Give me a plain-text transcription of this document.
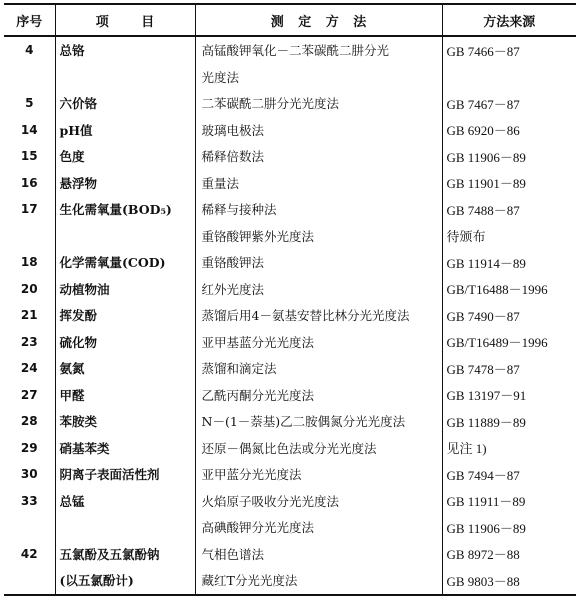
序号	项 目	测 定 方 法	方法来源
4	总铬	高锰酸钾氧化－二苯碳酰二肼分光	GB 7466－87
		光度法	
5	六价铬	二苯碳酰二肼分光光度法	GB 7467－87
14	pH值	玻璃电极法	GB 6920－86
15	色度	稀释倍数法	GB 11906－89
16	悬浮物	重量法	GB 11901－89
17	生化需氧量(BOD₅)	稀释与接种法	GB 7488－87
		重铬酸钾紫外光度法	待颁布
18	化学需氧量(COD)	重铬酸钾法	GB 11914－89
20	动植物油	红外光度法	GB/T16488－1996
21	挥发酚	蒸馏后用4－氨基安替比林分光光度法	GB 7490－87
23	硫化物	亚甲基蓝分光光度法	GB/T16489－1996
24	氨氮	蒸馏和滴定法	GB 7478－87
27	甲醛	乙酰丙酮分光光度法	GB 13197－91
28	苯胺类	N－(1－萘基)乙二胺偶氮分光光度法	GB 11889－89
29	硝基苯类	还原－偶氮比色法或分光光度法	见注 1)
30	阴离子表面活性剂	亚甲蓝分光光度法	GB 7494－87
33	总锰	火焰原子吸收分光光度法	GB 11911－89
		高碘酸钾分光光度法	GB 11906－89
42	五氯酚及五氯酚钠	气相色谱法	GB 8972－88
	(以五氯酚计)	藏红T分光光度法	GB 9803－88
